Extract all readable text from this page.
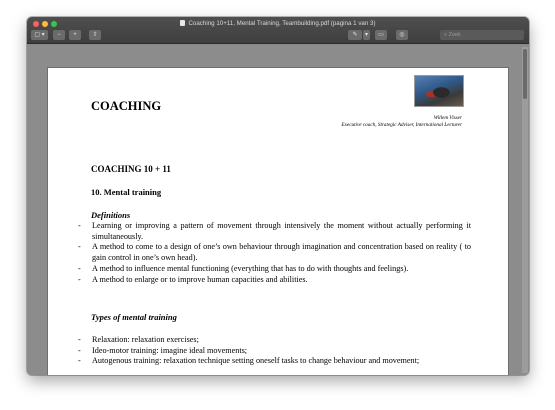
Coaching 10+11, Mental Training, Teambuilding.pdf (pagina 1 van 3)
▢ ▾	−	+	⇧	✎	▾	▭	◎	⌕ Zoek
COACHING
Willem Visser
Executive coach, Strategic Adviser, International Lecturer
COACHING 10 + 11
10. Mental training
Definitions
- Learning or improving a pattern of movement through intensively the moment without actually performing it simultaneously.
- A method to come to a design of one’s own behaviour through imagination and concentration based on reality ( to gain control in one’s own head).
- A method to influence mental functioning (everything that has to do with thoughts and feelings).
- A method to enlarge or to improve human capacities and abilities.
Types of mental training
- Relaxation: relaxation exercises;
- Ideo-motor training: imagine ideal movements;
- Autogenous training: relaxation technique setting oneself tasks to change behaviour and movement;
